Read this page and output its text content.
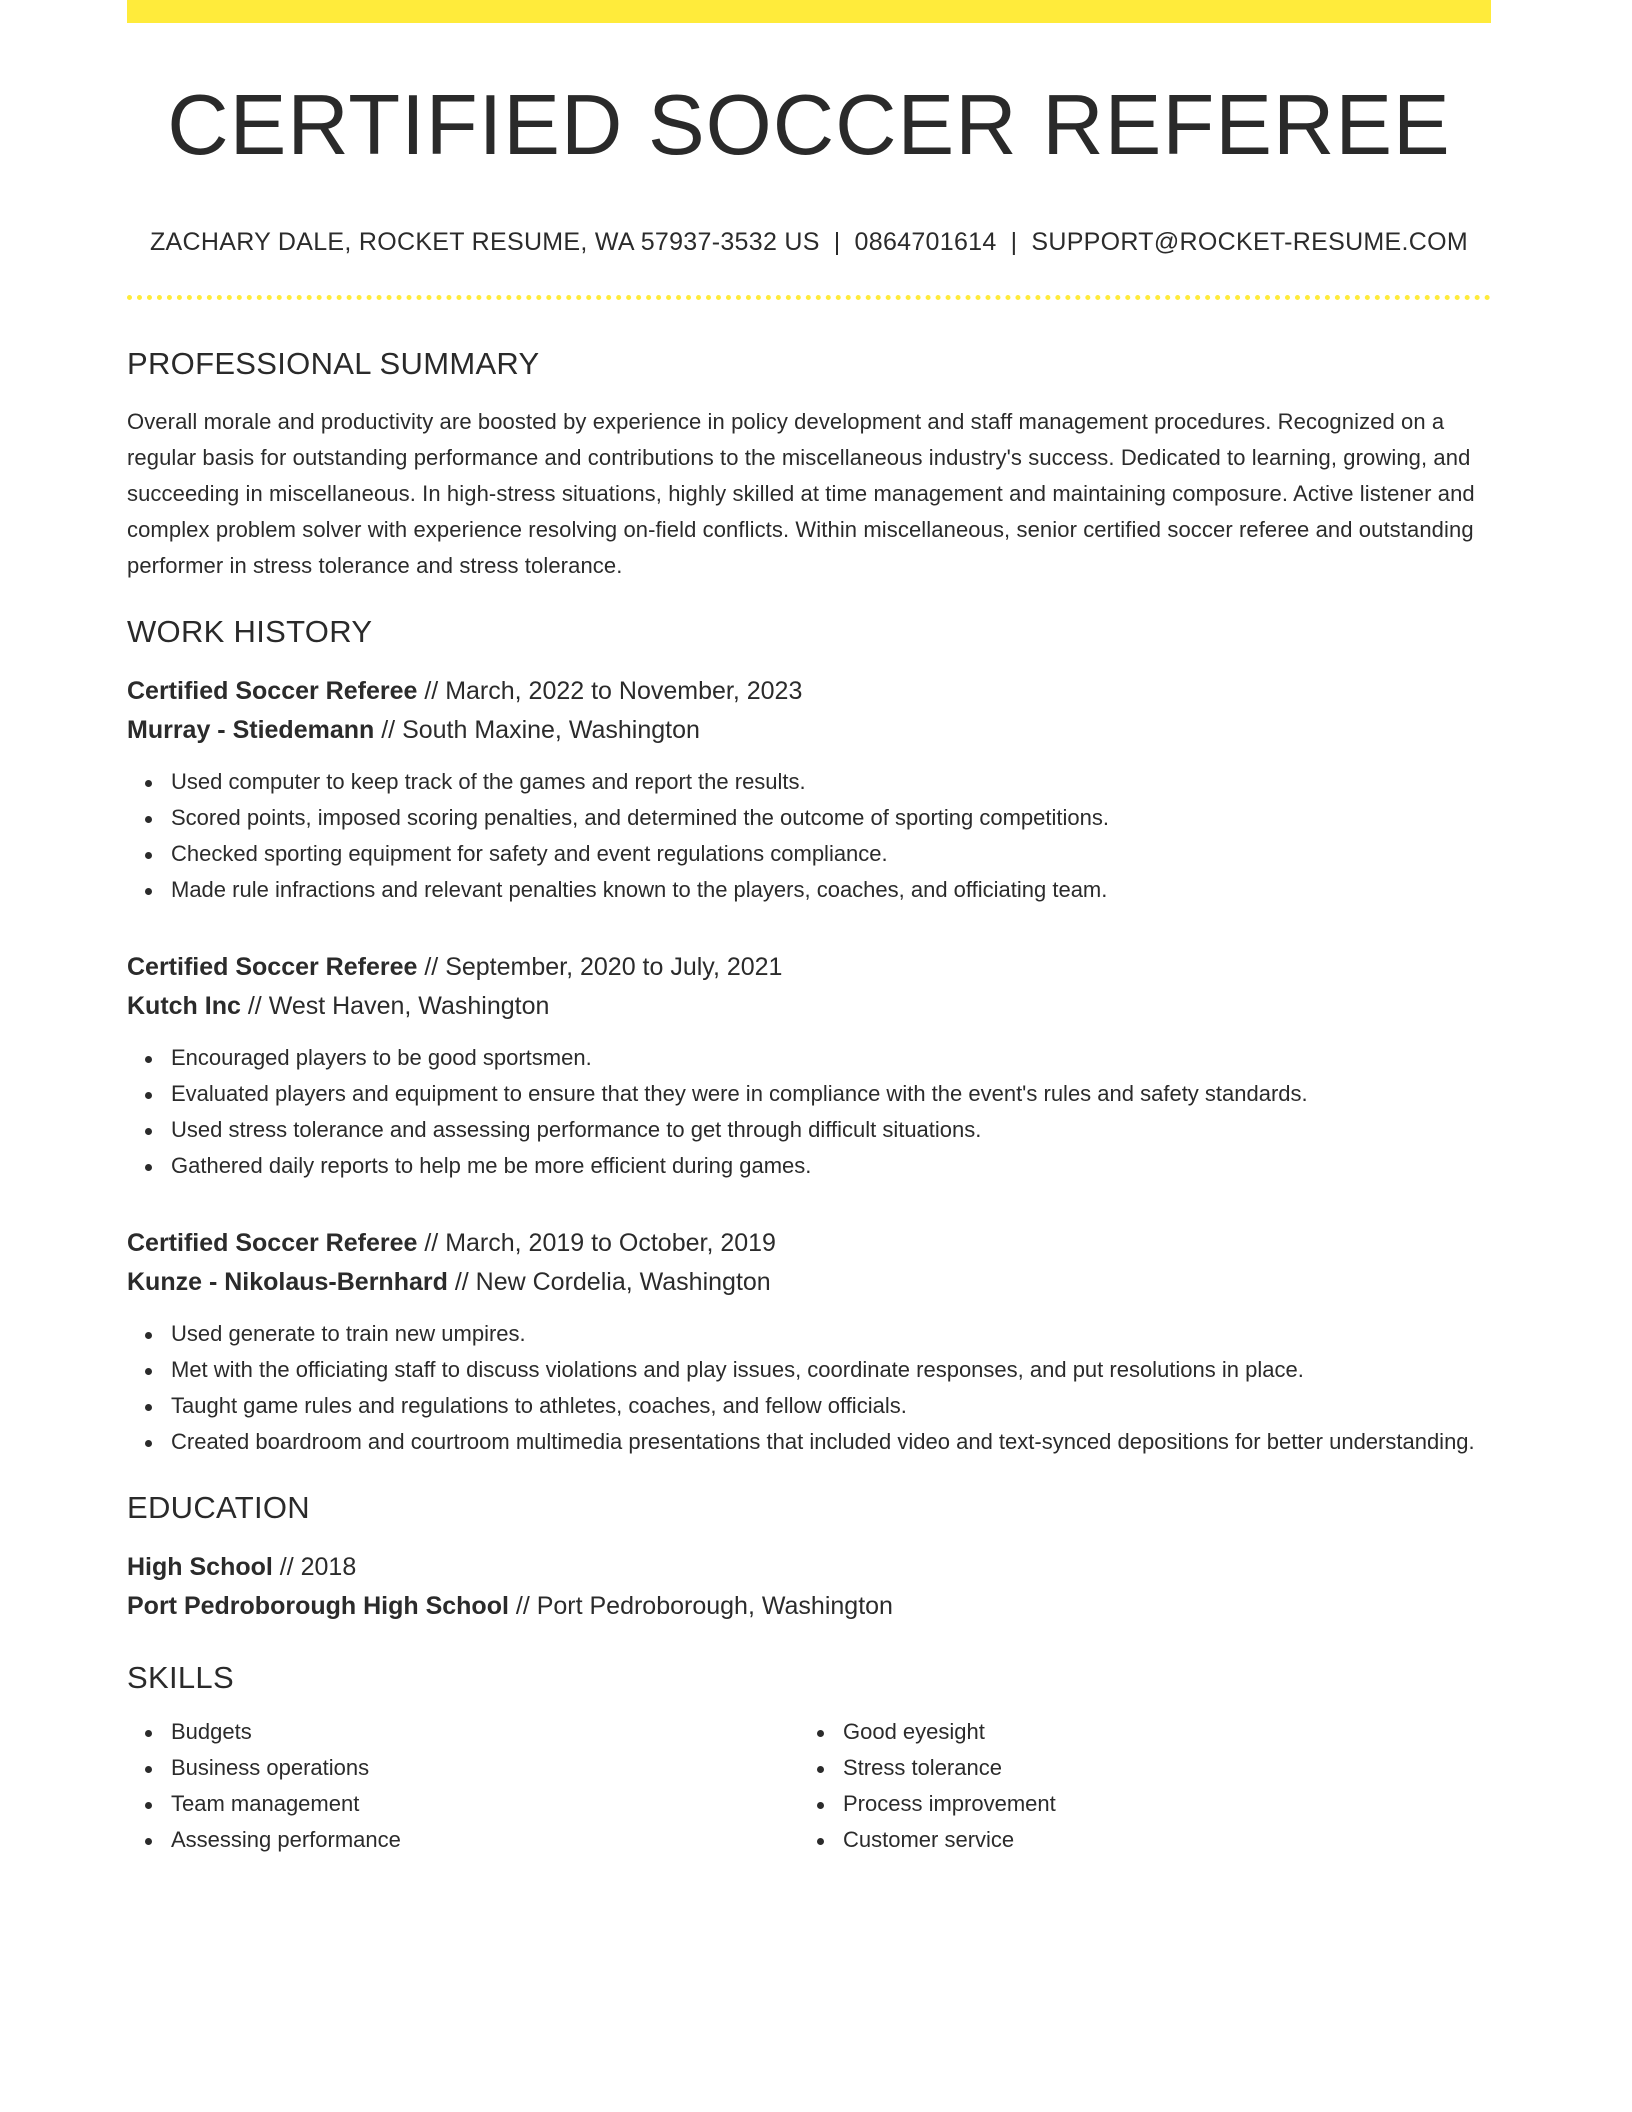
CERTIFIED SOCCER REFEREE
ZACHARY DALE, ROCKET RESUME, WA 57937-3532 US | 0864701614 | SUPPORT@ROCKET-RESUME.COM
PROFESSIONAL SUMMARY

Overall morale and productivity are boosted by experience in policy development and staff management procedures. Recognized on a regular basis for outstanding performance and contributions to the miscellaneous industry's success. Dedicated to learning, growing, and succeeding in miscellaneous. In high-stress situations, highly skilled at time management and maintaining composure. Active listener and complex problem solver with experience resolving on-field conflicts. Within miscellaneous, senior certified soccer referee and outstanding performer in stress tolerance and stress tolerance.

WORK HISTORY
Certified Soccer Referee // March, 2022 to November, 2023
Murray - Stiedemann // South Maxine, Washington
Used computer to keep track of the games and report the results.
Scored points, imposed scoring penalties, and determined the outcome of sporting competitions.
Checked sporting equipment for safety and event regulations compliance.
Made rule infractions and relevant penalties known to the players, coaches, and officiating team.
Certified Soccer Referee // September, 2020 to July, 2021
Kutch Inc // West Haven, Washington
Encouraged players to be good sportsmen.
Evaluated players and equipment to ensure that they were in compliance with the event's rules and safety standards.
Used stress tolerance and assessing performance to get through difficult situations.
Gathered daily reports to help me be more efficient during games.
Certified Soccer Referee // March, 2019 to October, 2019
Kunze - Nikolaus-Bernhard // New Cordelia, Washington
Used generate to train new umpires.
Met with the officiating staff to discuss violations and play issues, coordinate responses, and put resolutions in place.
Taught game rules and regulations to athletes, coaches, and fellow officials.
Created boardroom and courtroom multimedia presentations that included video and text-synced depositions for better understanding.
EDUCATION
High School // 2018
Port Pedroborough High School // Port Pedroborough, Washington
SKILLS
Budgets
Business operations
Team management
Assessing performance
Good eyesight
Stress tolerance
Process improvement
Customer service
